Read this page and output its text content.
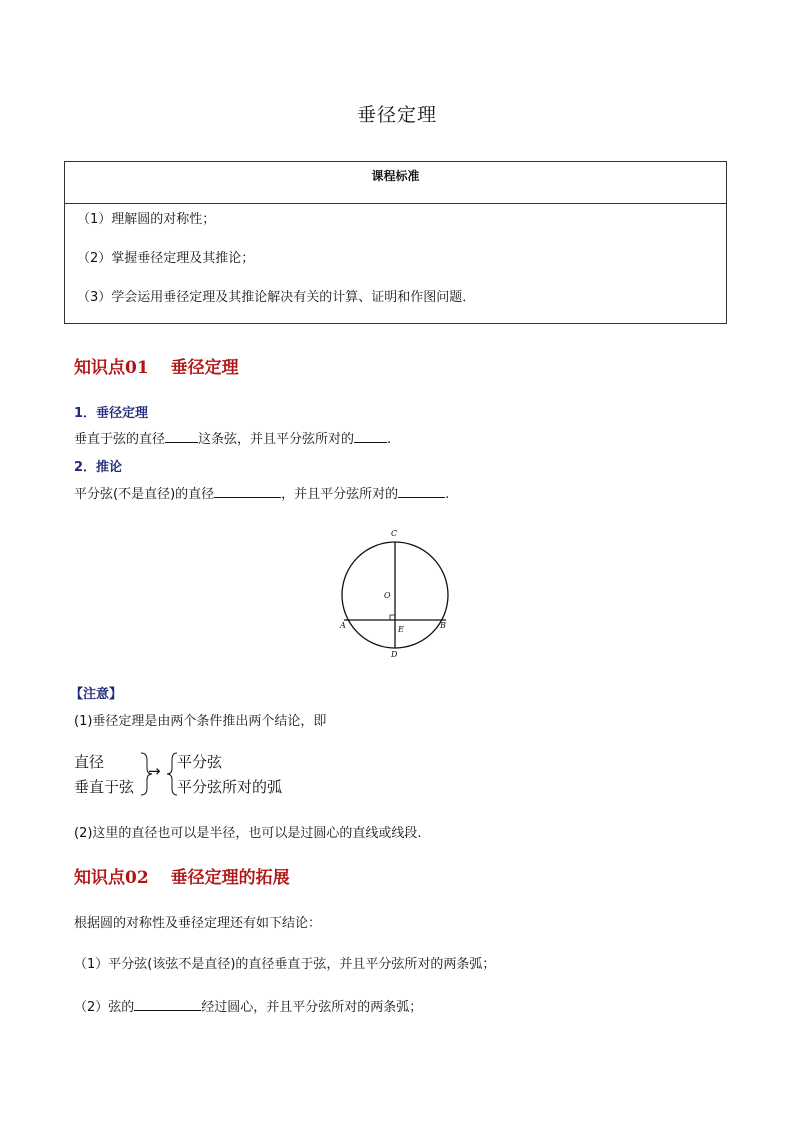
垂径定理
课程标准
（1）理解圆的对称性；
（2）掌握垂径定理及其推论；
（3）学会运用垂径定理及其推论解决有关的计算、证明和作图问题．
知识点01 垂径定理
1．垂径定理
垂直于弦的直径	这条弦，并且平分弦所对的	.
2．推论
平分弦(不是直径)的直径	，并且平分弦所对的	.
C
O
A	E	B
D
【注意】
(1)垂径定理是由两个条件推出两个结论，即
直径
垂直于弦
→ 平分弦
平分弦所对的弧
(2)这里的直径也可以是半径，也可以是过圆心的直线或线段.
知识点02 垂径定理的拓展
根据圆的对称性及垂径定理还有如下结论：
（1）平分弦(该弦不是直径)的直径垂直于弦，并且平分弦所对的两条弧；
（2）弦的	经过圆心，并且平分弦所对的两条弧；
